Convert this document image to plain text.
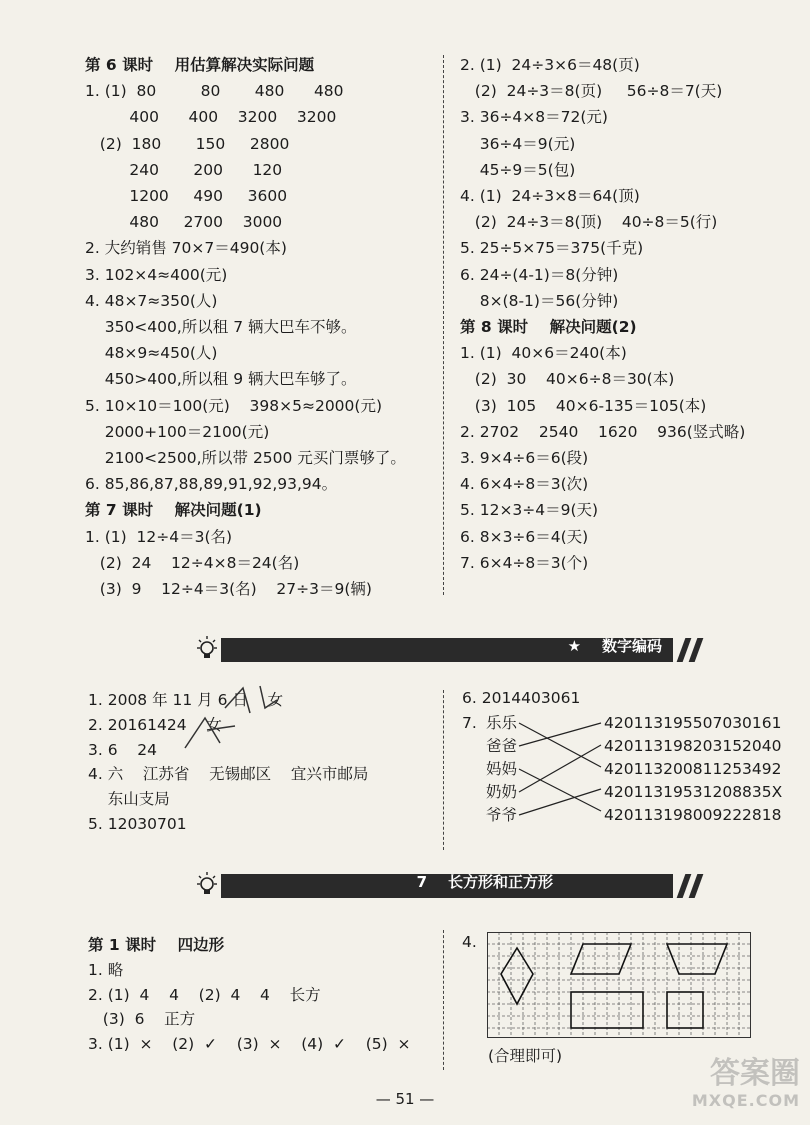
第 6 课时    用估算解决实际问题
1. (1)  80         80       480      480
400      400    3200    3200
(2)  180       150     2800
240       200      120
1200     490     3600
480     2700    3000
2. 大约销售 70×7＝490(本)
3. 102×4≈400(元)
4. 48×7≈350(人)
350<400,所以租 7 辆大巴车不够。
48×9≈450(人)
450>400,所以租 9 辆大巴车够了。
5. 10×10＝100(元)    398×5≈2000(元)
2000+100＝2100(元)
2100<2500,所以带 2500 元买门票够了。
6. 85,86,87,88,89,91,92,93,94。
第 7 课时    解决问题(1)
1. (1)  12÷4＝3(名)
(2)  24    12÷4×8＝24(名)
(3)  9    12÷4＝3(名)    27÷3＝9(辆)
2. (1)  24÷3×6＝48(页)
(2)  24÷3＝8(页)     56÷8＝7(天)
3. 36÷4×8＝72(元)
36÷4＝9(元)
45÷9＝5(包)
4. (1)  24÷3×8＝64(顶)
(2)  24÷3＝8(顶)    40÷8＝5(行)
5. 25÷5×75＝375(千克)
6. 24÷(4-1)＝8(分钟)
8×(8-1)＝56(分钟)
第 8 课时    解决问题(2)
1. (1)  40×6＝240(本)
(2)  30    40×6÷8＝30(本)
(3)  105    40×6-135＝105(本)
2. 2702    2540    1620    936(竖式略)
3. 9×4÷6＝6(段)
4. 6×4÷8＝3(次)
5. 12×3÷4＝9(天)
6. 8×3÷6＝4(天)
7. 6×4÷8＝3(个)
★    数字编码
1. 2008 年 11 月 6 日    女
2. 20161424    女
3. 6    24
4. 六    江苏省    无锡邮区    宜兴市邮局
东山支局
5. 12030701
6. 2014403061
7. 乐乐
爸爸
妈妈
奶奶
爷爷
420113195507030161
420113198203152040
420113200811253492
42011319531208835X
420113198009222818
7    长方形和正方形
第 1 课时    四边形
1. 略
2. (1)  4    4    (2)  4    4    长方
(3)  6    正方
3. (1)  ×    (2)  ✓    (3)  ×    (4)  ✓    (5)  ×
4.
(合理即可)
— 51 —
答案圈
MXQE.COM
